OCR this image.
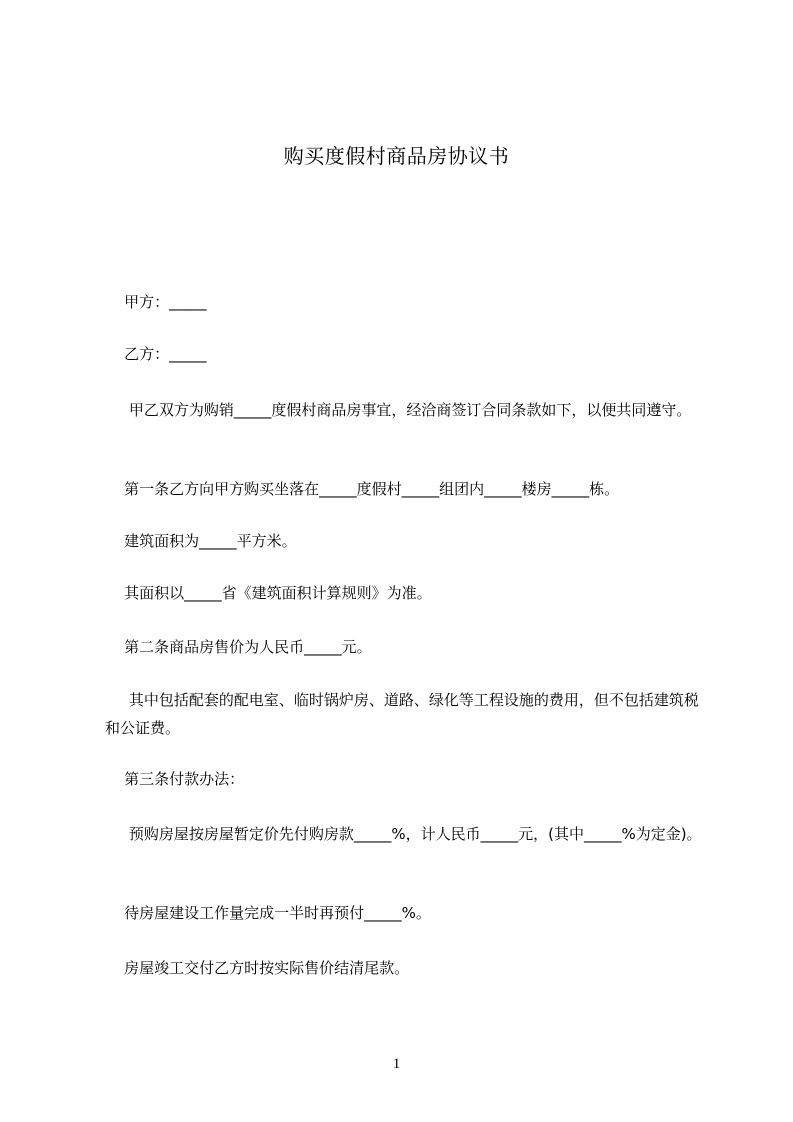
购买度假村商品房协议书
甲方：_____
乙方：_____
甲乙双方为购销_____度假村商品房事宜，经洽商签订合同条款如下，以便共同遵守。
第一条乙方向甲方购买坐落在_____度假村_____组团内_____楼房_____栋。
建筑面积为_____平方米。
其面积以_____省《建筑面积计算规则》为准。
第二条商品房售价为人民币_____元。
其中包括配套的配电室、临时锅炉房、道路、绿化等工程设施的费用，但不包括建筑税和公证费。
第三条付款办法：
预购房屋按房屋暂定价先付购房款_____%，计人民币_____元，(其中_____%为定金)。
待房屋建设工作量完成一半时再预付_____%。
房屋竣工交付乙方时按实际售价结清尾款。
1
